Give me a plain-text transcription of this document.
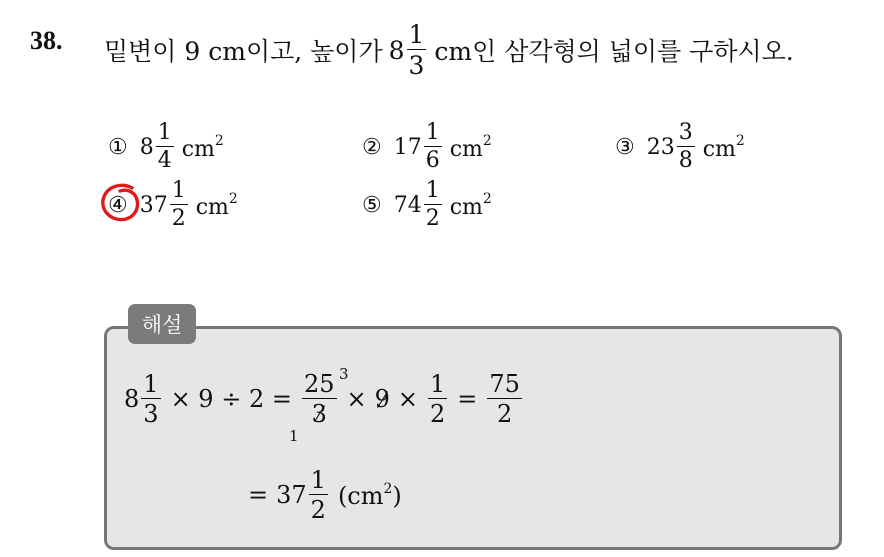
38. 밑변이 9 cm이고, 높이가 $8 \frac{1}{3}$ cm인 삼각형의 넓이를 구하시오.
① $8 \frac{1}{4} cm^2$	② $17 \frac{1}{6} cm^2$	③ $23 \frac{3}{8} cm^2$
④ $37 \frac{1}{2} cm^2$	⑤ $74 \frac{1}{2} cm^2$
해설
$8 \frac{1}{3} \times 9 \div 2 = \frac{25}{3} \times 9 \times \frac{1}{2} = \frac{75}{2}$
3
1
= $37 \frac{1}{2} (cm^2)$
